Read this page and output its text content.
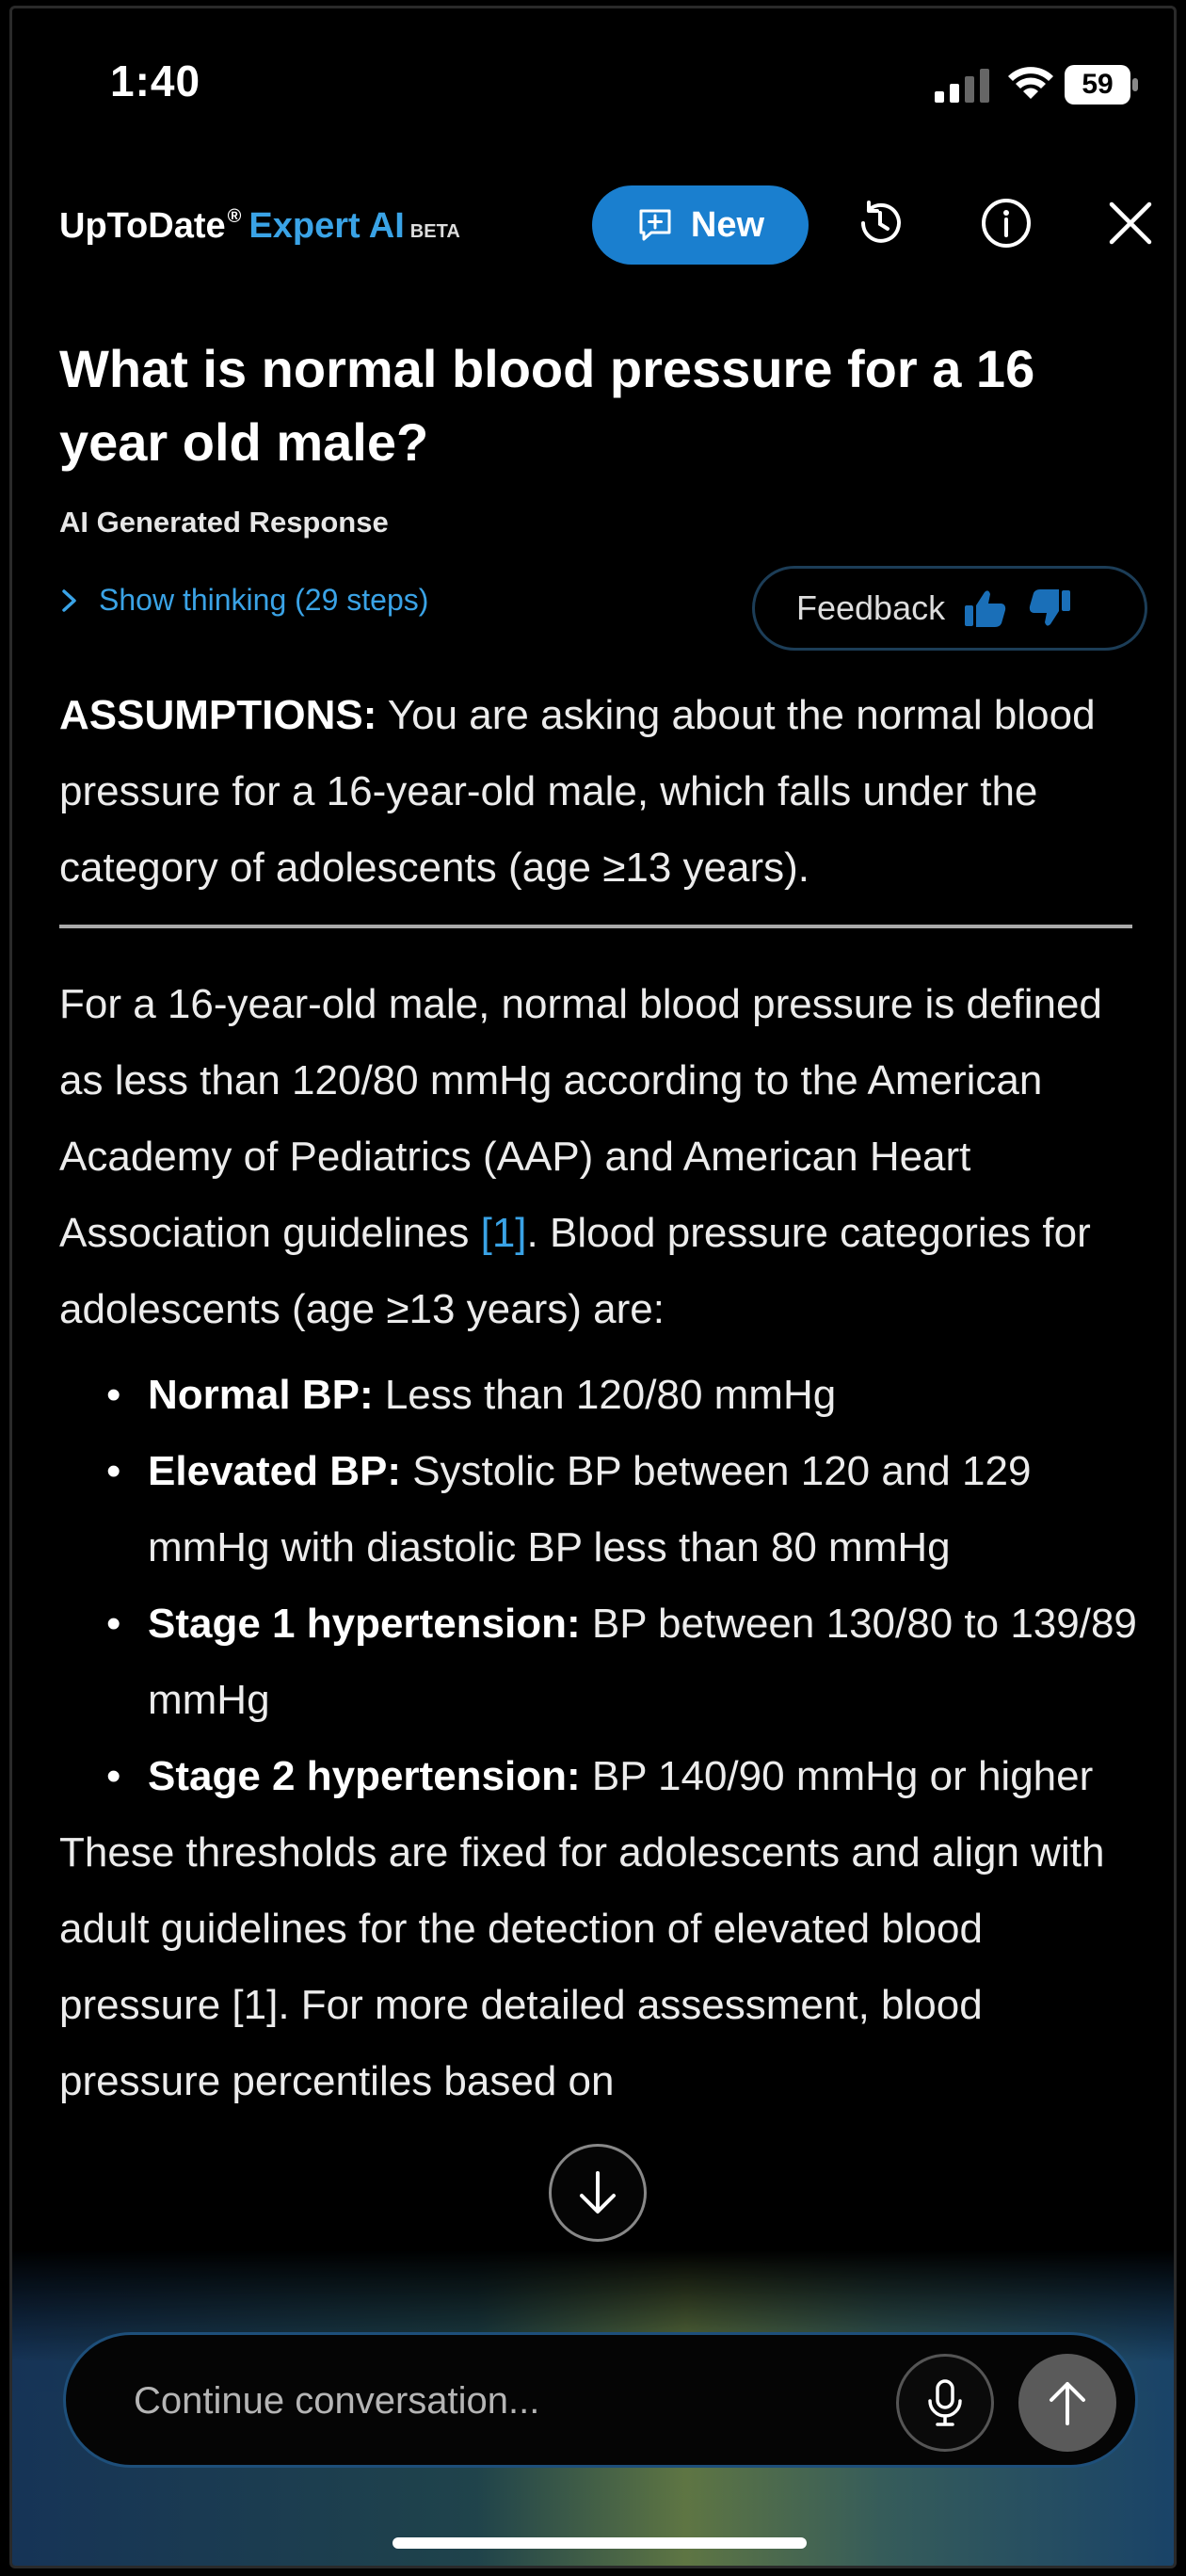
1:40	59
UpToDate ® Expert AI BETA	New
What is normal blood pressure for a 16 year old male?
AI Generated Response
Show thinking (29 steps)	Feedback

ASSUMPTIONS: You are asking about the normal blood pressure for a 16-year-old male, which falls under the category of adolescents (age ≥13 years).

For a 16-year-old male, normal blood pressure is defined as less than 120/80 mmHg according to the American Academy of Pediatrics (AAP) and American Heart Association guidelines [1]. Blood pressure categories for adolescents (age ≥13 years) are:

• Normal BP: Less than 120/80 mmHg
• Elevated BP: Systolic BP between 120 and 129 mmHg with diastolic BP less than 80 mmHg
• Stage 1 hypertension: BP between 130/80 to 139/89 mmHg
• Stage 2 hypertension: BP 140/90 mmHg or higher

These thresholds are fixed for adolescents and align with adult guidelines for the detection of elevated blood pressure [1]. For more detailed assessment, blood pressure percentiles based on

Continue conversation...
